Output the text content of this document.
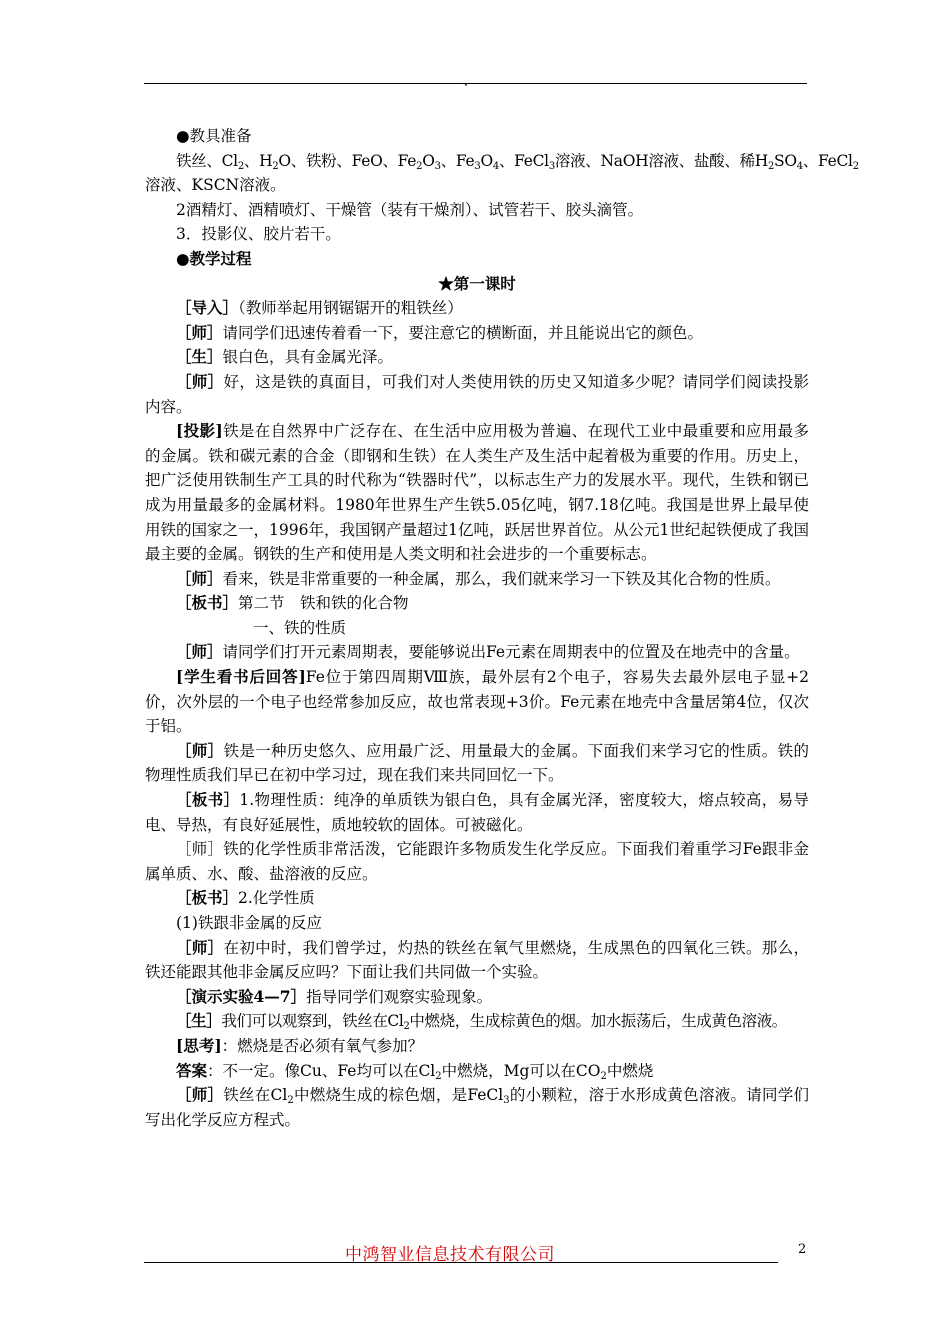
、

●教具准备

铁丝、$Cl_2$、$H_2O$、铁粉、FeO、$Fe_2O_3$、$Fe_3O_4$、FeCl$_3$溶液、NaOH溶液、盐酸、稀$H_2SO_4$、FeCl$_2$

溶液、KSCN溶液。

2酒精灯、酒精喷灯、干燥管（装有干燥剂）、试管若干、胶头滴管。

3．投影仪、胶片若干。

●教学过程

★第一课时

［导入］（教师举起用钢锯锯开的粗铁丝）

［师］请同学们迅速传着看一下，要注意它的横断面，并且能说出它的颜色。

［生］银白色，具有金属光泽。

［师］好，这是铁的真面目，可我们对人类使用铁的历史又知道多少呢？请同学们阅读投影内容。

[投影]铁是在自然界中广泛存在、在生活中应用极为普遍、在现代工业中最重要和应用最多的金属。铁和碳元素的合金（即钢和生铁）在人类生产及生活中起着极为重要的作用。历史上，把广泛使用铁制生产工具的时代称为“铁器时代”，以标志生产力的发展水平。现代，生铁和钢已成为用量最多的金属材料。1980年世界生产生铁5.05亿吨，钢7.18亿吨。我国是世界上最早使用铁的国家之一，1996年，我国钢产量超过1亿吨，跃居世界首位。从公元1世纪起铁便成了我国最主要的金属。钢铁的生产和使用是人类文明和社会进步的一个重要标志。

［师］看来，铁是非常重要的一种金属，那么，我们就来学习一下铁及其化合物的性质。

［板书］第二节　铁和铁的化合物

一、铁的性质

［师］请同学们打开元素周期表，要能够说出Fe元素在周期表中的位置及在地壳中的含量。

[学生看书后回答]Fe位于第四周期Ⅷ族，最外层有2个电子，容易失去最外层电子显+2价，次外层的一个电子也经常参加反应，故也常表现+3价。Fe元素在地壳中含量居第4位，仅次于铝。

［师］铁是一种历史悠久、应用最广泛、用量最大的金属。下面我们来学习它的性质。铁的物理性质我们早已在初中学习过，现在我们来共同回忆一下。

［板书］1.物理性质：纯净的单质铁为银白色，具有金属光泽，密度较大，熔点较高，易导电、导热，有良好延展性，质地较软的固体。可被磁化。

［师］铁的化学性质非常活泼，它能跟许多物质发生化学反应。下面我们着重学习Fe跟非金属单质、水、酸、盐溶液的反应。

［板书］2.化学性质

(1)铁跟非金属的反应

［师］在初中时，我们曾学过，灼热的铁丝在氧气里燃烧，生成黑色的四氧化三铁。那么，铁还能跟其他非金属反应吗？下面让我们共同做一个实验。

［演示实验4—7］指导同学们观察实验现象。

［生］我们可以观察到，铁丝在$Cl_2$中燃烧，生成棕黄色的烟。加水振荡后，生成黄色溶液。

[思考]：燃烧是否必须有氧气参加？

答案：不一定。像Cu、Fe均可以在$Cl_2$中燃烧，Mg可以在$CO_2$中燃烧

［师］铁丝在$Cl_2$中燃烧生成的棕色烟，是FeCl$_3$的小颗粒，溶于水形成黄色溶液。请同学们写出化学反应方程式。

中鸿智业信息技术有限公司	2
